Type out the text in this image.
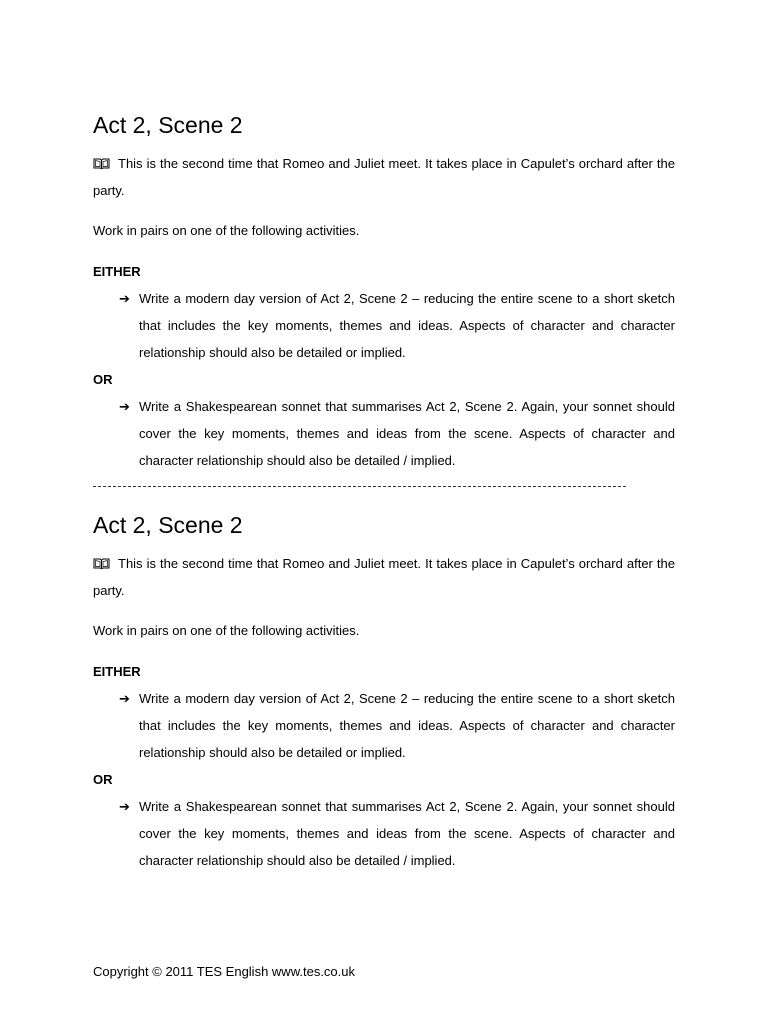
Act 2, Scene 2
This is the second time that Romeo and Juliet meet. It takes place in Capulet’s orchard after the party.
Work in pairs on one of the following activities.
EITHER
➔ Write a modern day version of Act 2, Scene 2 – reducing the entire scene to a short sketch that includes the key moments, themes and ideas. Aspects of character and character relationship should also be detailed or implied.
OR
➔ Write a Shakespearean sonnet that summarises Act 2, Scene 2. Again, your sonnet should cover the key moments, themes and ideas from the scene. Aspects of character and character relationship should also be detailed / implied.
Act 2, Scene 2
This is the second time that Romeo and Juliet meet. It takes place in Capulet’s orchard after the party.
Work in pairs on one of the following activities.
EITHER
➔ Write a modern day version of Act 2, Scene 2 – reducing the entire scene to a short sketch that includes the key moments, themes and ideas. Aspects of character and character relationship should also be detailed or implied.
OR
➔ Write a Shakespearean sonnet that summarises Act 2, Scene 2. Again, your sonnet should cover the key moments, themes and ideas from the scene. Aspects of character and character relationship should also be detailed / implied.
Copyright © 2011 TES English www.tes.co.uk
